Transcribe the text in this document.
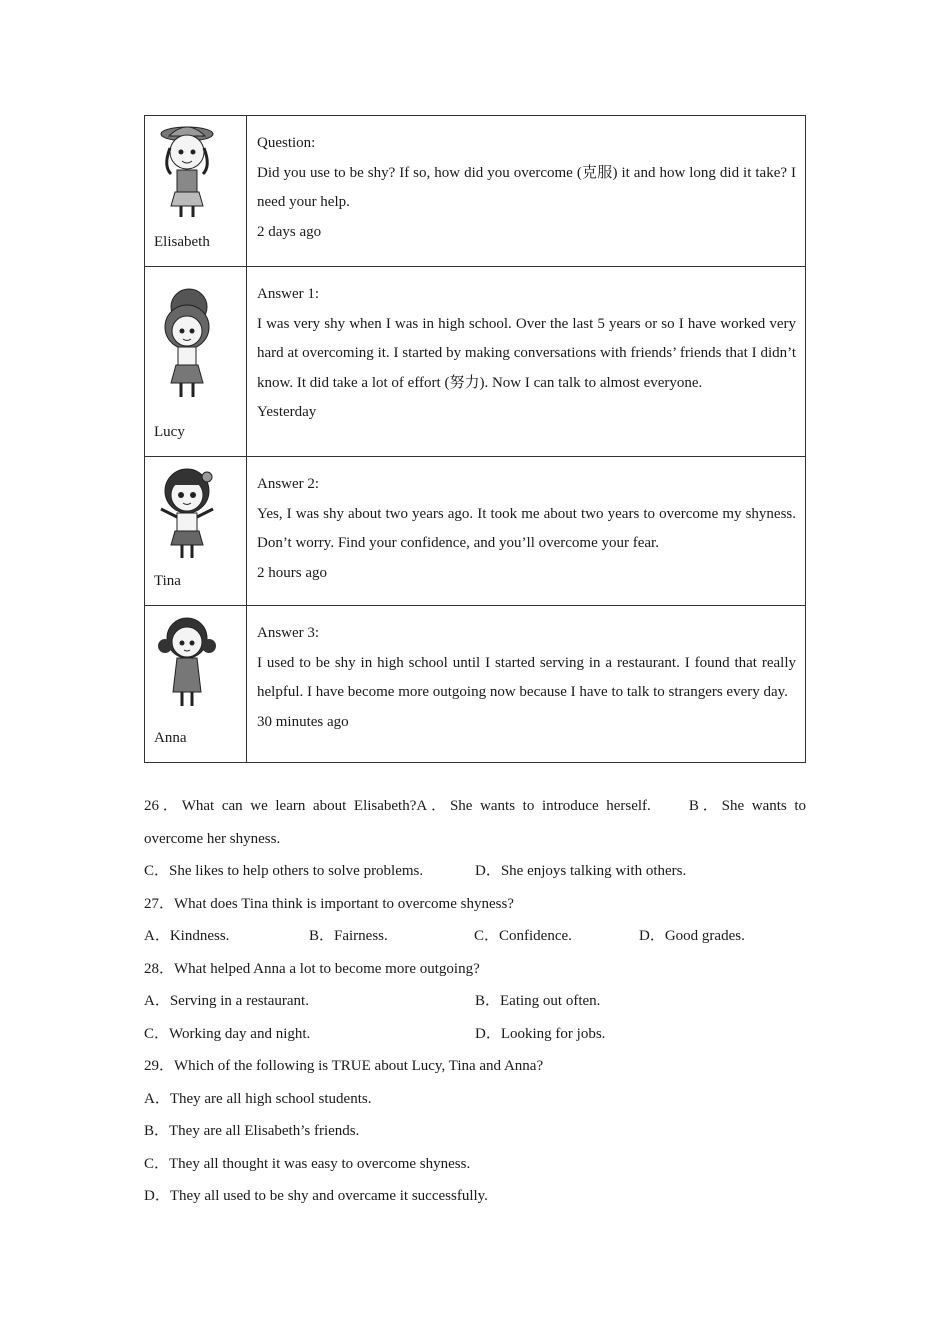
Elisabeth	Question:
Did you use to be shy? If so, how did you overcome (克服) it and how long did it take? I need your help.
2 days ago

Lucy	Answer 1:
I was very shy when I was in high school. Over the last 5 years or so I have worked very hard at overcoming it. I started by making conversations with friends’ friends that I didn’t know. It did take a lot of effort (努力). Now I can talk to almost everyone.
Yesterday

Tina	Answer 2:
Yes, I was shy about two years ago. It took me about two years to overcome my shyness. Don’t worry. Find your confidence, and you’ll overcome your fear.
2 hours ago

Anna	Answer 3:
I used to be shy in high school until I started serving in a restaurant. I found that really helpful. I have become more outgoing now because I have to talk to strangers every day.
30 minutes ago

26．What can we learn about Elisabeth?A．She wants to introduce herself.	B．She wants to

overcome her shyness.

C．She likes to help others to solve problems.	D．She enjoys talking with others.

27．What does Tina think is important to overcome shyness?

A．Kindness.	B．Fairness.	C．Confidence.	D．Good grades.

28．What helped Anna a lot to become more outgoing?

A．Serving in a restaurant.	B．Eating out often.

C．Working day and night.	D．Looking for jobs.

29．Which of the following is TRUE about Lucy, Tina and Anna?

A．They are all high school students.

B．They are all Elisabeth’s friends.

C．They all thought it was easy to overcome shyness.

D．They all used to be shy and overcame it successfully.
